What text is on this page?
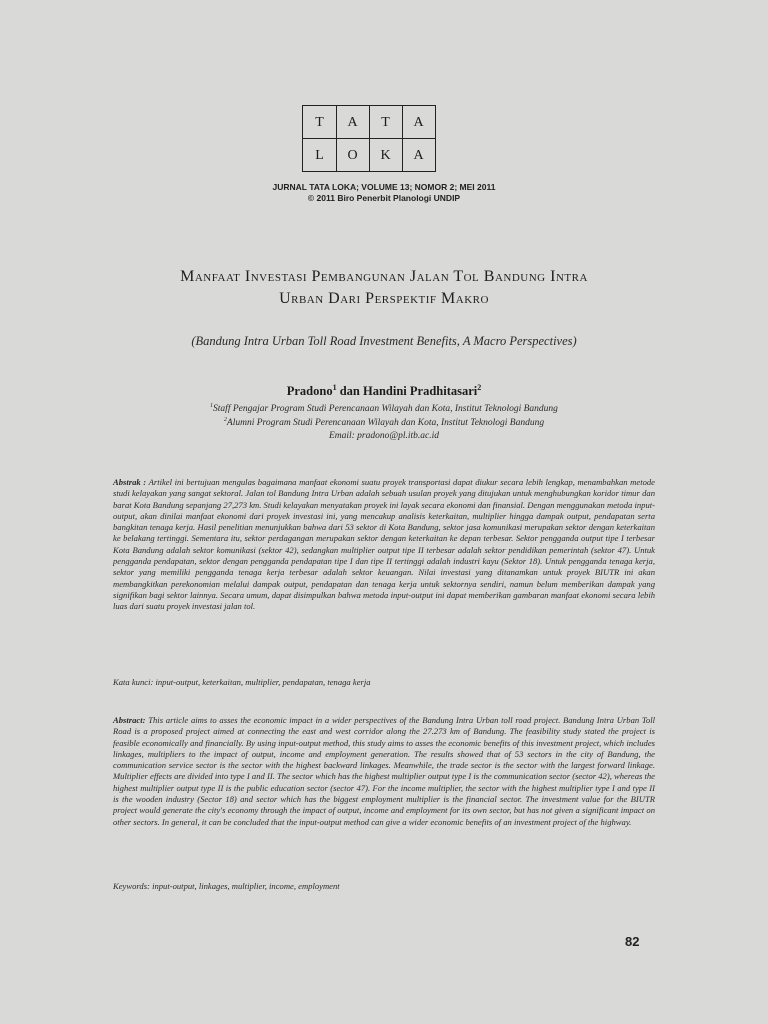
T	A	T	A
L	O	K	A
JURNAL TATA LOKA; VOLUME 13; NOMOR 2; MEI 2011
© 2011 Biro Penerbit Planologi UNDIP
Manfaat Investasi Pembangunan Jalan Tol Bandung Intra
Urban Dari Perspektif Makro
(Bandung Intra Urban Toll Road Investment Benefits, A Macro Perspectives)
Pradono$^1$ dan Handini Pradhitasari$^2$
$^1$Staff Pengajar Program Studi Perencanaan Wilayah dan Kota, Institut Teknologi Bandung
$^2$Alumni Program Studi Perencanaan Wilayah dan Kota, Institut Teknologi Bandung
Email: pradono@pl.itb.ac.id
Abstrak : Artikel ini bertujuan mengulas bagaimana manfaat ekonomi suatu proyek transportasi dapat diukur secara lebih lengkap, menambahkan metode studi kelayakan yang sangat sektoral. Jalan tol Bandung Intra Urban adalah sebuah usulan proyek yang ditujukan untuk menghubungkan koridor timur dan barat Kota Bandung sepanjang 27,273 km. Studi kelayakan menyatakan proyek ini layak secara ekonomi dan finansial. Dengan menggunakan metoda input-output, akan dinilai manfaat ekonomi dari proyek investasi ini, yang mencakup analisis keterkaitan, multiplier hingga dampak output, pendapatan serta bangkitan tenaga kerja. Hasil penelitian menunjukkan bahwa dari 53 sektor di Kota Bandung, sektor jasa komunikasi merupakan sektor dengan keterkaitan ke belakang tertinggi. Sementara itu, sektor perdagangan merupakan sektor dengan keterkaitan ke depan terbesar. Sektor pengganda output tipe I terbesar Kota Bandung adalah sektor komunikasi (sektor 42), sedangkan multiplier output tipe II terbesar adalah sektor pendidikan pemerintah (sektor 47). Untuk pengganda pendapatan, sektor dengan pengganda pendapatan tipe I dan tipe II tertinggi adalah industri kayu (Sektor 18). Untuk pengganda tenaga kerja, sektor yang memiliki pengganda tenaga kerja terbesar adalah sektor keuangan. Nilai investasi yang ditanamkan untuk proyek BIUTR ini akan membangkitkan perekonomian melalui dampak output, pendapatan dan tenaga kerja untuk sektornya sendiri, namun belum memberikan dampak yang signifikan bagi sektor lainnya. Secara umum, dapat disimpulkan bahwa metoda input-output ini dapat memberikan gambaran manfaat ekonomi secara lebih luas dari suatu proyek investasi jalan tol.
Kata kunci: input-output, keterkaitan, multiplier, pendapatan, tenaga kerja
Abstract: This article aims to asses the economic impact in a wider perspectives of the Bandung Intra Urban toll road project. Bandung Intra Urban Toll Road is a proposed project aimed at connecting the east and west corridor along the 27.273 km of Bandung. The feasibility study stated the project is feasible economically and financially. By using input-output method, this study aims to asses the economic benefits of this investment project, which includes linkages, multipliers to the impact of output, income and employment generation. The results showed that of 53 sectors in the city of Bandung, the communication service sector is the sector with the highest backward linkages. Meanwhile, the trade sector is the sector with the largest forward linkage. Multiplier effects are divided into type I and II. The sector which has the highest multiplier output type I is the communication sector (sector 42), whereas the highest multiplier output type II is the public education sector (sector 47). For the income multiplier, the sector with the highest multiplier type I and type II is the wooden industry (Sector 18) and sector which has the biggest employment multiplier is the financial sector. The investment value for the BIUTR project would generate the city's economy through the impact of output, income and employment for its own sector, but has not given a significant impact on other sectors. In general, it can be concluded that the input-output method can give a wider economic benefits of an investment project of the highway.
Keywords: input-output, linkages, multiplier, income, employment
82
